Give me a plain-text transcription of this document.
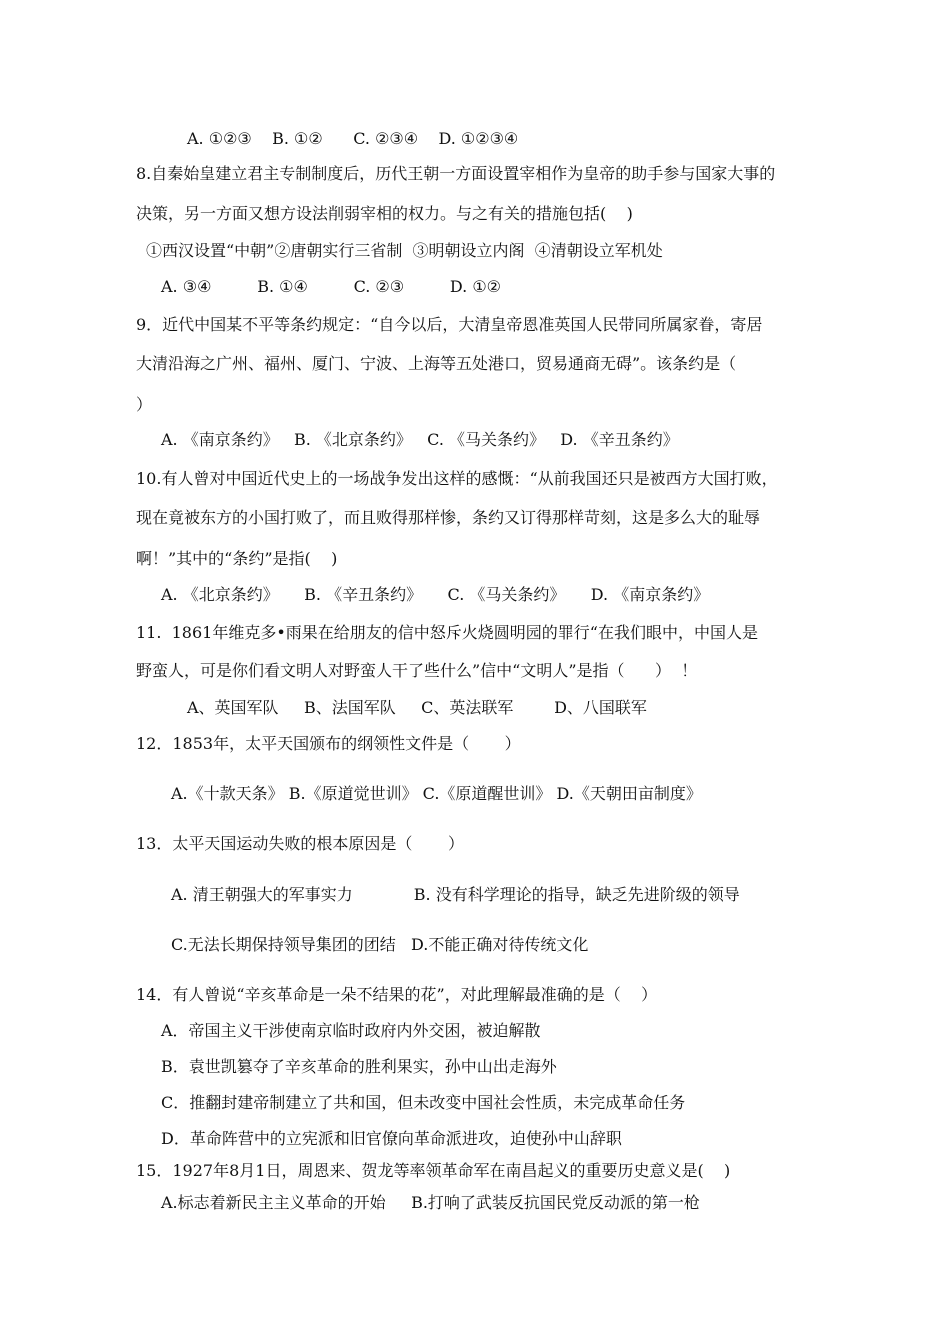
A. ①②③    B. ①②      C. ②③④    D. ①②③④
8.自秦始皇建立君主专制制度后，历代王朝一方面设置宰相作为皇帝的助手参与国家大事的
决策，另一方面又想方设法削弱宰相的权力。与之有关的措施包括(    )
①西汉设置“中朝”②唐朝实行三省制  ③明朝设立内阁  ④清朝设立军机处
A. ③④         B. ①④         C. ②③         D. ①②
9．近代中国某不平等条约规定：“自今以后，大清皇帝恩准英国人民带同所属家眷，寄居
大清沿海之广州、福州、厦门、宁波、上海等五处港口，贸易通商无碍”。该条约是（
）
A. 《南京条约》   B. 《北京条约》   C. 《马关条约》   D. 《辛丑条约》
10.有人曾对中国近代史上的一场战争发出这样的感慨：“从前我国还只是被西方大国打败，
现在竟被东方的小国打败了，而且败得那样惨，条约又订得那样苛刻，这是多么大的耻辱
啊！”其中的“条约”是指(    )
A. 《北京条约》     B. 《辛丑条约》     C. 《马关条约》     D. 《南京条约》
11.  1861年维克多•雨果在给朋友的信中怒斥火烧圆明园的罪行“在我们眼中，中国人是
野蛮人，可是你们看文明人对野蛮人干了些什么”信中“文明人”是指（      ）  ！
A、英国军队     B、法国军队     C、英法联军        D、八国联军
12．1853年，太平天国颁布的纲领性文件是（       ）
A.《十款天条》 B.《原道觉世训》 C.《原道醒世训》 D.《天朝田亩制度》
13．太平天国运动失败的根本原因是（       ）
A. 清王朝强大的军事实力            B. 没有科学理论的指导，缺乏先进阶级的领导
C.无法长期保持领导集团的团结   D.不能正确对待传统文化
14．有人曾说“辛亥革命是一朵不结果的花”，对此理解最准确的是（    ）
A．帝国主义干涉使南京临时政府内外交困，被迫解散
B．袁世凯篡夺了辛亥革命的胜利果实，孙中山出走海外
C．推翻封建帝制建立了共和国，但未改变中国社会性质，未完成革命任务
D．革命阵营中的立宪派和旧官僚向革命派进攻，迫使孙中山辞职
15．1927年8月1日，周恩来、贺龙等率领革命军在南昌起义的重要历史意义是(    )
A.标志着新民主主义革命的开始     B.打响了武装反抗国民党反动派的第一枪
